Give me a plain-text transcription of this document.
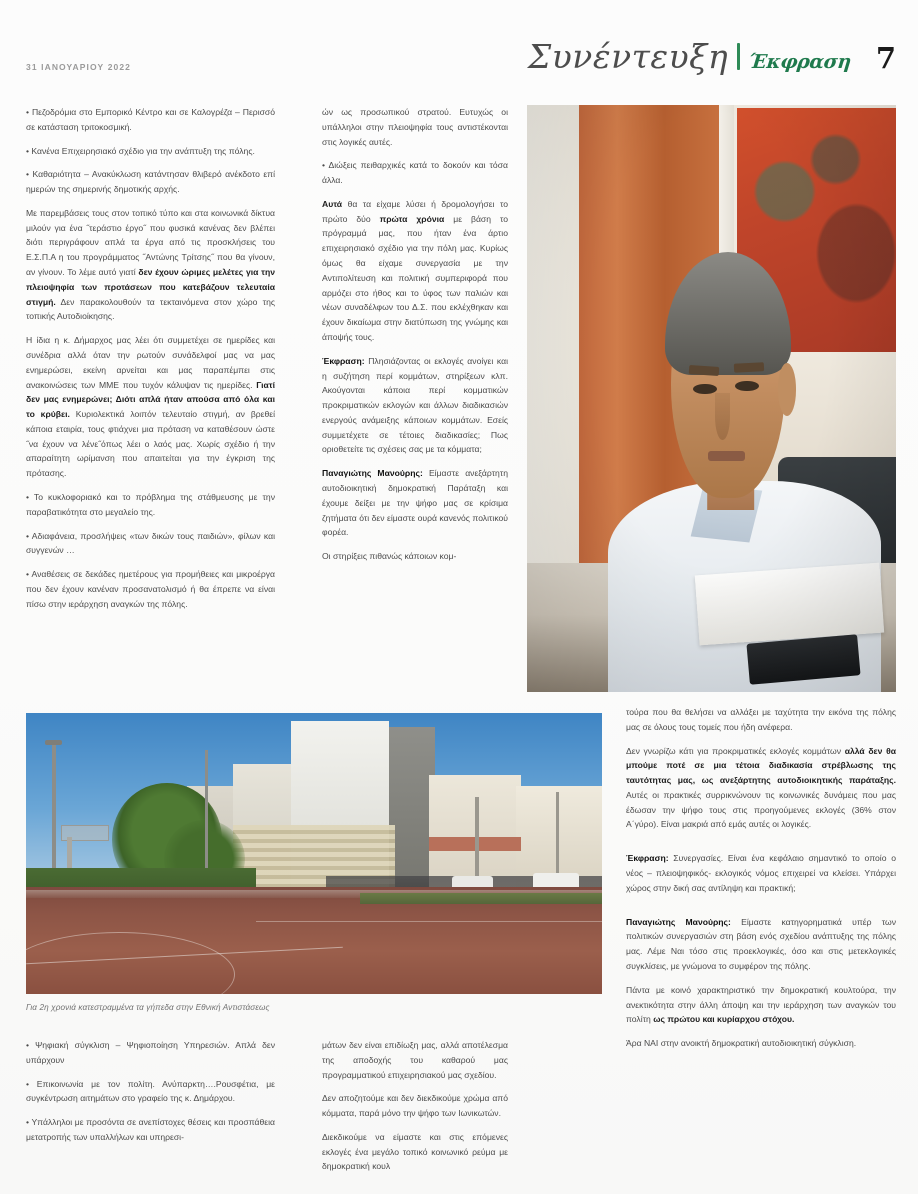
31 ΙΑΝΟΥΑΡΙΟΥ 2022	Συνέντευξη Έκφραση 7

• Πεζοδρόμια στο Εμπορικό Κέντρο και σε Καλογρέζα – Περισσό σε κατάσταση τριτοκοσμική.

• Κανένα Επιχειρησιακό σχέδιο για την ανάπτυξη της πόλης.

• Καθαριότητα – Ανακύκλωση κατάντησαν θλιβερό ανέκδοτο επί ημερών της σημερινής δημοτικής αρχής.

Με παρεμβάσεις τους στον τοπικό τύπο και στα κοινωνικά δίκτυα μιλούν για ένα ˝τεράστιο έργο˝ που φυσικά κανένας δεν βλέπει διότι περιγράφουν απλά τα έργα από τις προσκλήσεις του Ε.Σ.Π.Α η του προγράμματος ˝Αντώνης Τρίτσης˝ που θα γίνουν, αν γίνουν. Το λέμε αυτό γιατί δεν έχουν ώριμες μελέτες για την πλειοψηφία των προτάσεων που κατεβάζουν τελευταία στιγμή. Δεν παρακολουθούν τα τεκταινόμενα στον χώρο της τοπικής Αυτοδιοίκησης.

Η ίδια η κ. Δήμαρχος μας λέει ότι συμμετέχει σε ημερίδες και συνέδρια αλλά όταν την ρωτούν συνάδελφοί μας να μας ενημερώσει, εκείνη αρνείται και μας παραπέμπει στις ανακοινώσεις των ΜΜΕ που τυχόν κάλυψαν τις ημερίδες. Γιατί δεν μας ενημερώνει; Διότι απλά ήταν απούσα από όλα και το κρύβει. Κυριολεκτικά λοιπόν τελευταίο στιγμή, αν βρεθεί κάποια εταιρία, τους φτιάχνει μια πρόταση να καταθέσουν ώστε ˝να έχουν να λένε˝όπως λέει ο λαός μας. Χωρίς σχέδιο ή την απαραίτητη ωρίμανση που απαιτείται για την έγκριση της πρότασης.

• Το κυκλοφοριακό και το πρόβλημα της στάθμευσης με την παραβατικότητα στο μεγαλείο της.

• Αδιαφάνεια, προσλήψεις «των δικών τους παιδιών», φίλων και συγγενών …

• Αναθέσεις σε δεκάδες ημετέρους για προμήθειες και μικροέργα που δεν έχουν κανέναν προσανατολισμό ή θα έπρεπε να είναι πίσω στην ιεράρχηση αναγκών της πόλης.

ών ως προσωπικού στρατού. Ευτυχώς οι υπάλληλοι στην πλειοψηφία τους αντιστέκονται στις λογικές αυτές.

• Διώξεις πειθαρχικές κατά το δοκούν και τόσα άλλα.

Αυτά θα τα είχαμε λύσει ή δρομολογήσει το πρώτο δύο πρώτα χρόνια με βάση το πρόγραμμά μας, που ήταν ένα άρτιο επιχειρησιακό σχέδιο για την πόλη μας. Κυρίως όμως θα είχαμε συνεργασία με την Αντιπολίτευση και πολιτική συμπεριφορά που αρμόζει στο ήθος και το ύφος των παλιών και νέων συναδέλφων του Δ.Σ. που εκλέχθηκαν και έχουν δικαίωμα στην διατύπωση της γνώμης και άποψής τους.

Έκφραση: Πλησιάζοντας οι εκλογές ανοίγει και η συζήτηση περί κομμάτων, στηρίξεων κλπ. Ακούγονται κάποια περί κομματικών προκριματικών εκλογών και άλλων διαδικασιών ενεργούς ανάμειξης κάποιων κομμάτων. Εσείς συμμετέχετε σε τέτοιες διαδικασίες; Πως οριοθετείτε τις σχέσεις σας με τα κόμματα;

Παναγιώτης Μανούρης: Είμαστε ανεξάρτητη αυτοδιοικητική δημοκρατική Παράταξη και έχουμε δείξει με την ψήφο μας σε κρίσιμα ζητήματα ότι δεν είμαστε ουρά κανενός πολιτικού φορέα.

Οι στηρίξεις πιθανώς κάποιων κομ-

τούρα που θα θελήσει να αλλάξει με ταχύτητα την εικόνα της πόλης μας σε όλους τους τομείς που ήδη ανέφερα.

Δεν γνωρίζω κάτι για προκριματικές εκλογές κομμάτων αλλά δεν θα μπούμε ποτέ σε μια τέτοια διαδικασία στρέβλωσης της ταυτότητας μας, ως ανεξάρτητης αυτοδιοικητικής παράταξης. Αυτές οι πρακτικές συρρικνώνουν τις κοινωνικές δυνάμεις που μας έδωσαν την ψήφο τους στις προηγούμενες εκλογές (36% στον Α΄γύρο). Είναι μακριά από εμάς αυτές οι λογικές.

Έκφραση: Συνεργασίες. Είναι ένα κεφάλαιο σημαντικό το οποίο ο νέος – πλειοψηφικός- εκλογικός νόμος επιχειρεί να κλείσει. Υπάρχει χώρος στην δική σας αντίληψη και πρακτική;

Παναγιώτης Μανούρης: Είμαστε κατηγορηματικά υπέρ των πολιτικών συνεργασιών στη βάση ενός σχεδίου ανάπτυξης της πόλης μας. Λέμε Ναι τόσο στις προεκλογικές, όσο και στις μετεκλογικές συγκλίσεις, με γνώμονα το συμφέρον της πόλης.

Πάντα με κοινό χαρακτηριστικό την δημοκρατική κουλτούρα, την ανεκτικότητα στην άλλη άποψη και την ιεράρχηση των αναγκών του πολίτη ως πρώτου και κυρίαρχου στόχου.

Άρα ΝΑΙ στην ανοικτή δημοκρατική αυτοδιοικητική σύγκλιση.

Για 2η χρονιά κατεστραμμένα τα γήπεδα στην Εθνική Αντιστάσεως

• Ψηφιακή σύγκλιση – Ψηφιοποίηση Υπηρεσιών. Απλά δεν υπάρχουν

• Επικοινωνία με τον πολίτη. Ανύπαρκτη….Ρουσφέτια, με συγκέντρωση αιτημάτων στο γραφείο της κ. Δημάρχου.

• Υπάλληλοι με προσόντα σε ανεπίστοχες θέσεις και προσπάθεια μετατροπής των υπαλλήλων και υπηρεσι-

μάτων δεν είναι επιδίωξη μας, αλλά αποτέλεσμα της αποδοχής του καθαρού μας προγραμματικού επιχειρησιακού μας σχεδίου.

Δεν αποζητούμε και δεν διεκδικούμε χρώμα από κόμματα, παρά μόνο την ψήφο των Ιωνικωτών.

Διεκδικούμε να είμαστε και στις επόμενες εκλογές ένα μεγάλο τοπικό κοινωνικό ρεύμα με δημοκρατική κουλ
